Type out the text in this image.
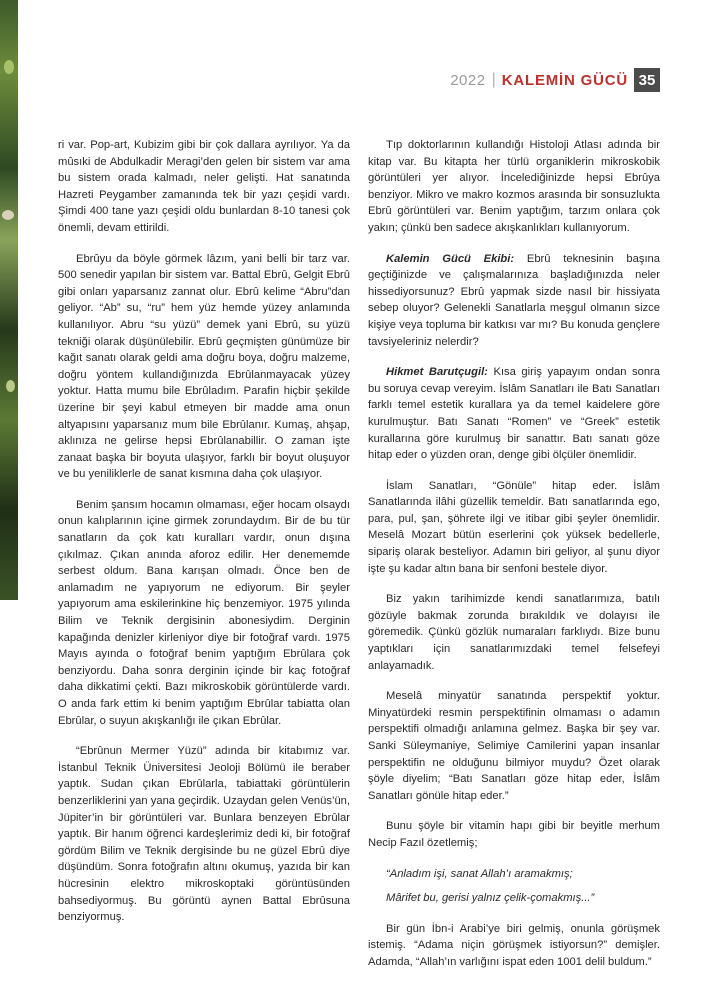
2022 | KALEMİN GÜCÜ 35

ri var. Pop-art, Kubizim gibi bir çok dallara ayrılıyor. Ya da mûsıki de Abdulkadir Meragi’den gelen bir sistem var ama bu sistem orada kalmadı, neler gelişti. Hat sanatında Hazreti Peygamber zamanında tek bir yazı çeşidi vardı. Şimdi 400 tane yazı çeşidi oldu bunlardan 8-10 tanesi çok önemli, devam ettirildi.

Ebrûyu da böyle görmek lâzım, yani belli bir tarz var. 500 senedir yapılan bir sistem var. Battal Ebrû, Gelgit Ebrû gibi onları yaparsanız zannat olur. Ebrû kelime “Abru”dan geliyor. “Ab” su, “ru” hem yüz hemde yüzey anlamında kullanılıyor. Abru “su yüzü” demek yani Ebrû, su yüzü tekniği olarak düşünülebilir. Ebrû geçmişten günümüze bir kağıt sanatı olarak geldi ama doğru boya, doğru malzeme, doğru yöntem kullandığınızda Ebrûlanmayacak yüzey yoktur. Hatta mumu bile Ebrûladım. Parafin hiçbir şekilde üzerine bir şeyi kabul etmeyen bir madde ama onun altyapısını yaparsanız mum bile Ebrûlanır. Kumaş, ahşap, aklınıza ne gelirse hepsi Ebrûlanabillir. O zaman işte zanaat başka bir boyuta ulaşıyor, farklı bir boyut oluşuyor ve bu yeniliklerle de sanat kısmına daha çok ulaşıyor.

Benim şansım hocamın olmaması, eğer hocam olsaydı onun kalıplarının içine girmek zorundaydım. Bir de bu tür sanatların da çok katı kuralları vardır, onun dışına çıkılmaz. Çıkan anında aforoz edilir. Her denememde serbest oldum. Bana karışan olmadı. Önce ben de anlamadım ne yapıyorum ne ediyorum. Bir şeyler yapıyorum ama eskilerinkine hiç benzemiyor. 1975 yılında Bilim ve Teknik dergisinin abonesiydim. Derginin kapağında denizler kirleniyor diye bir fotoğraf vardı. 1975 Mayıs ayında o fotoğraf benim yaptığım Ebrûlara çok benziyordu. Daha sonra derginin içinde bir kaç fotoğraf daha dikkatimi çekti. Bazı mikroskobik görüntülerde vardı. O anda fark ettim ki benim yaptığım Ebrûlar tabiatta olan Ebrûlar, o suyun akışkanlığı ile çıkan Ebrûlar.

“Ebrûnun Mermer Yüzü” adında bir kitabımız var. İstanbul Teknik Üniversitesi Jeoloji Bölümü ile beraber yaptık. Sudan çıkan Ebrûlarla, tabiattaki görüntülerin benzerliklerini yan yana geçirdik. Uzaydan gelen Venüs’ün, Jüpiter’in bir görüntüleri var. Bunlara benzeyen Ebrûlar yaptık. Bir hanım öğrenci kardeşlerimiz dedi ki, bir fotoğraf gördüm Bilim ve Teknik dergisinde bu ne güzel Ebrû diye düşündüm. Sonra fotoğrafın altını okumuş, yazıda bir kan hücresinin elektro mikroskoptaki görüntüsünden bahsediyormuş. Bu görüntü aynen Battal Ebrûsuna benziyormuş.

Tıp doktorlarının kullandığı Histoloji Atlası adında bir kitap var. Bu kitapta her türlü organiklerin mikroskobik görüntüleri yer alıyor. İncelediğinizde hepsi Ebrûya benziyor. Mikro ve makro kozmos arasında bir sonsuzlukta Ebrû görüntüleri var. Benim yaptığım, tarzım onlara çok yakın; çünkü ben sadece akışkanlıkları kullanıyorum.

Kalemin Gücü Ekibi: Ebrû teknesinin başına geçtiğinizde ve çalışmalarınıza başladığınızda neler hissediyorsunuz? Ebrû yapmak sizde nasıl bir hissiyata sebep oluyor? Gelenekli Sanatlarla meşgul olmanın sizce kişiye veya topluma bir katkısı var mı? Bu konuda gençlere tavsiyeleriniz nelerdir?

Hikmet Barutçugil: Kısa giriş yapayım ondan sonra bu soruya cevap vereyim. İslâm Sanatları ile Batı Sanatları farklı temel estetik kurallara ya da temel kaidelere göre kurulmuştur. Batı Sanatı “Romen” ve “Greek” estetik kurallarına göre kurulmuş bir sanattır. Batı sanatı göze hitap eder o yüzden oran, denge gibi ölçüler önemlidir.

İslam Sanatları, “Gönüle” hitap eder. İslâm Sanatlarında ilâhi güzellik temeldir. Batı sanatlarında ego, para, pul, şan, şöhrete ilgi ve itibar gibi şeyler önemlidir. Meselâ Mozart bütün eserlerini çok yüksek bedellerle, sipariş olarak besteliyor. Adamın biri geliyor, al şunu diyor işte şu kadar altın bana bir senfoni bestele diyor.

Biz yakın tarihimizde kendi sanatlarımıza, batılı gözüyle bakmak zorunda bırakıldık ve dolayısı ile göremedik. Çünkü gözlük numaraları farklıydı. Bize bunu yaptıkları için sanatlarımızdaki temel felsefeyi anlayamadık.

Meselâ minyatür sanatında perspektif yoktur. Minyatürdeki resmin perspektifinin olmaması o adamın perspektifi olmadığı anlamına gelmez. Başka bir şey var. Sanki Süleymaniye, Selimiye Camilerini yapan insanlar perspektifin ne olduğunu bilmiyor muydu? Özet olarak şöyle diyelim; “Batı Sanatları göze hitap eder, İslâm Sanatları gönüle hitap eder.”

Bunu şöyle bir vitamin hapı gibi bir beyitle merhum Necip Fazıl özetlemiş;

“Anladım işi, sanat Allah’ı aramakmış;

Mârifet bu, gerisi yalnız çelik-çomakmış...”

Bir gün İbn-i Arabi’ye biri gelmiş, onunla görüşmek istemiş. “Adama niçin görüşmek istiyorsun?” demişler. Adamda, “Allah’ın varlığını ispat eden 1001 delil buldum.”
